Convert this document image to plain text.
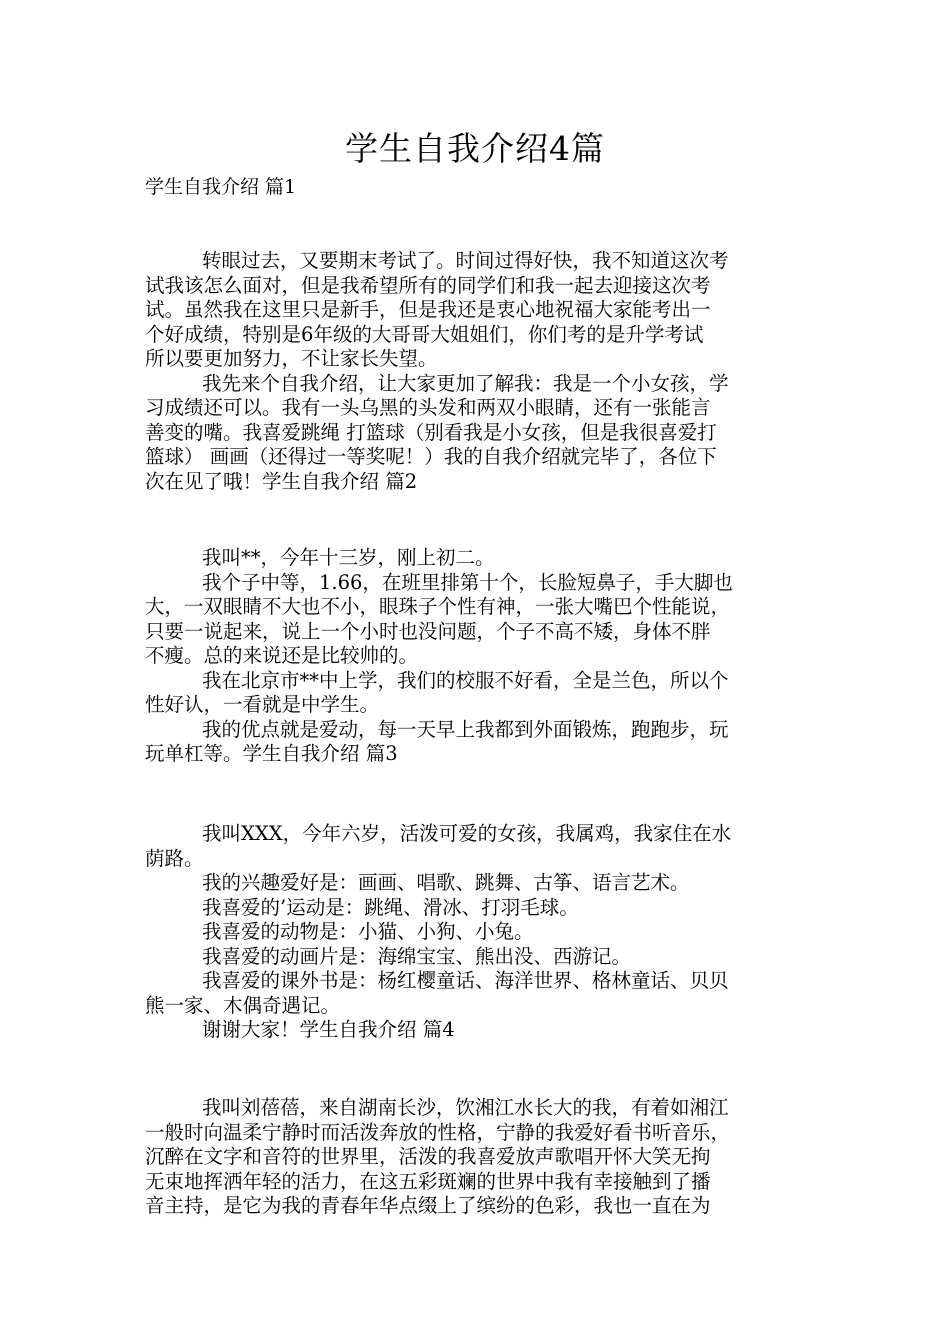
学生自我介绍4篇
学生自我介绍 篇1
转眼过去，又要期末考试了。时间过得好快，我不知道这次考
试我该怎么面对，但是我希望所有的同学们和我一起去迎接这次考
试。虽然我在这里只是新手，但是我还是衷心地祝福大家能考出一
个好成绩，特别是6年级的大哥哥大姐姐们，你们考的是升学考试
所以要更加努力，不让家长失望。
我先来个自我介绍，让大家更加了解我：我是一个小女孩，学
习成绩还可以。我有一头乌黑的头发和两双小眼睛，还有一张能言
善变的嘴。我喜爱跳绳 打篮球（别看我是小女孩，但是我很喜爱打
篮球） 画画（还得过一等奖呢！）我的自我介绍就完毕了，各位下
次在见了哦！学生自我介绍 篇2
我叫**，今年十三岁，刚上初二。
我个子中等，1.66，在班里排第十个，长脸短鼻子，手大脚也
大，一双眼睛不大也不小，眼珠子个性有神，一张大嘴巴个性能说，
只要一说起来，说上一个小时也没问题，个子不高不矮，身体不胖
不瘦。总的来说还是比较帅的。
我在北京市**中上学，我们的校服不好看，全是兰色，所以个
性好认，一看就是中学生。
我的优点就是爱动，每一天早上我都到外面锻炼，跑跑步，玩
玩单杠等。学生自我介绍 篇3
我叫XXX，今年六岁，活泼可爱的女孩，我属鸡，我家住在水
荫路。
我的兴趣爱好是：画画、唱歌、跳舞、古筝、语言艺术。
我喜爱的’运动是：跳绳、滑冰、打羽毛球。
我喜爱的动物是：小猫、小狗、小兔。
我喜爱的动画片是：海绵宝宝、熊出没、西游记。
我喜爱的课外书是：杨红樱童话、海洋世界、格林童话、贝贝
熊一家、木偶奇遇记。
谢谢大家！学生自我介绍 篇4
我叫刘蓓蓓，来自湖南长沙，饮湘江水长大的我，有着如湘江
一般时向温柔宁静时而活泼奔放的性格，宁静的我爱好看书听音乐，
沉醉在文字和音符的世界里，活泼的我喜爱放声歌唱开怀大笑无拘
无束地挥洒年轻的活力，在这五彩斑斓的世界中我有幸接触到了播
音主持，是它为我的青春年华点缀上了缤纷的色彩，我也一直在为
